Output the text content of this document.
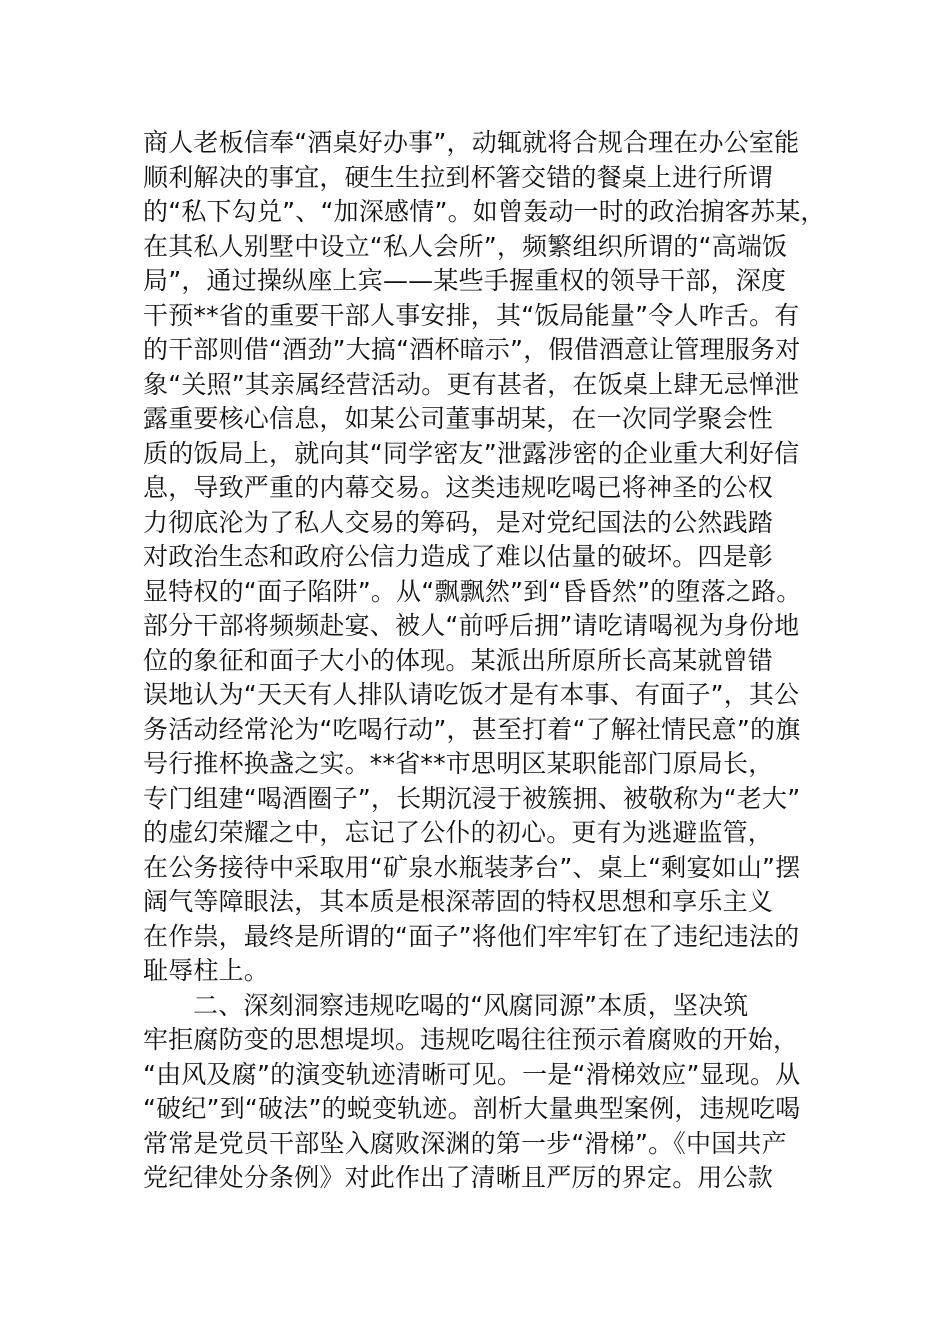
商人老板信奉“酒桌好办事”，动辄就将合规合理在办公室能
顺利解决的事宜，硬生生拉到杯箸交错的餐桌上进行所谓
的“私下勾兑”、“加深感情”。如曾轰动一时的政治掮客苏某，
在其私人别墅中设立“私人会所”，频繁组织所谓的“高端饭
局”，通过操纵座上宾——某些手握重权的领导干部，深度
干预**省的重要干部人事安排，其“饭局能量”令人咋舌。有
的干部则借“酒劲”大搞“酒杯暗示”，假借酒意让管理服务对
象“关照”其亲属经营活动。更有甚者，在饭桌上肆无忌惮泄
露重要核心信息，如某公司董事胡某，在一次同学聚会性
质的饭局上，就向其“同学密友”泄露涉密的企业重大利好信
息，导致严重的内幕交易。这类违规吃喝已将神圣的公权
力彻底沦为了私人交易的筹码，是对党纪国法的公然践踏
对政治生态和政府公信力造成了难以估量的破坏。四是彰
显特权的“面子陷阱”。从“飘飘然”到“昏昏然”的堕落之路。
部分干部将频频赴宴、被人“前呼后拥”请吃请喝视为身份地
位的象征和面子大小的体现。某派出所原所长高某就曾错
误地认为“天天有人排队请吃饭才是有本事、有面子”，其公
务活动经常沦为“吃喝行动”，甚至打着“了解社情民意”的旗
号行推杯换盏之实。**省**市思明区某职能部门原局长，
专门组建“喝酒圈子”，长期沉浸于被簇拥、被敬称为“老大”
的虚幻荣耀之中，忘记了公仆的初心。更有为逃避监管，
在公务接待中采取用“矿泉水瓶装茅台”、桌上“剩宴如山”摆
阔气等障眼法，其本质是根深蒂固的特权思想和享乐主义
在作祟，最终是所谓的“面子”将他们牢牢钉在了违纪违法的
耻辱柱上。
二、深刻洞察违规吃喝的“风腐同源”本质，坚决筑
牢拒腐防变的思想堤坝。违规吃喝往往预示着腐败的开始，
“由风及腐”的演变轨迹清晰可见。一是“滑梯效应”显现。从
“破纪”到“破法”的蜕变轨迹。剖析大量典型案例，违规吃喝
常常是党员干部坠入腐败深渊的第一步“滑梯”。《中国共产
党纪律处分条例》对此作出了清晰且严厉的界定。用公款
